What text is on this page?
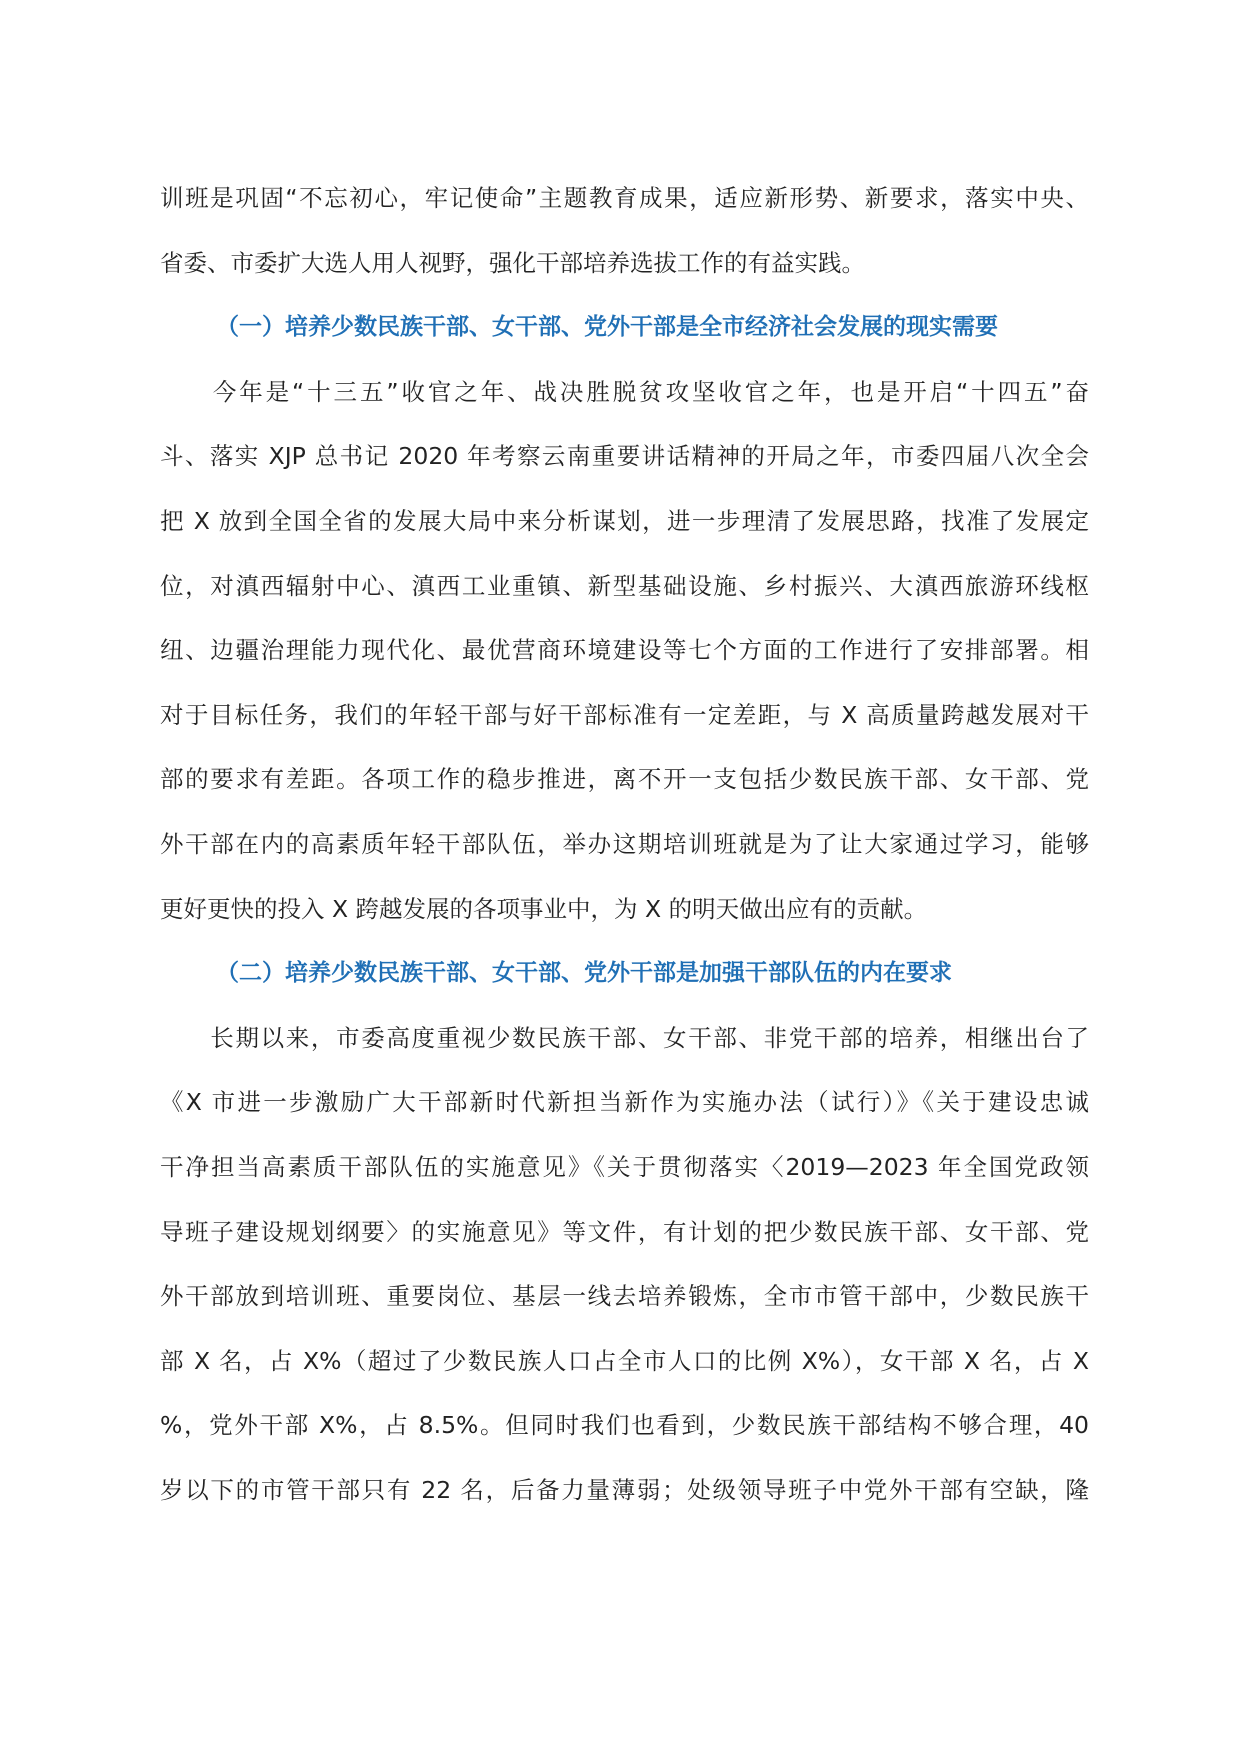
训班是巩固“不忘初心，牢记使命”主题教育成果，适应新形势、新要求，落实中央、
省委、市委扩大选人用人视野，强化干部培养选拔工作的有益实践。
（一）培养少数民族干部、女干部、党外干部是全市经济社会发展的现实需要
　　今年是“十三五”收官之年、战决胜脱贫攻坚收官之年，也是开启“十四五”奋
斗、落实 XJP 总书记 2020 年考察云南重要讲话精神的开局之年，市委四届八次全会
把 X 放到全国全省的发展大局中来分析谋划，进一步理清了发展思路，找准了发展定
位，对滇西辐射中心、滇西工业重镇、新型基础设施、乡村振兴、大滇西旅游环线枢
纽、边疆治理能力现代化、最优营商环境建设等七个方面的工作进行了安排部署。相
对于目标任务，我们的年轻干部与好干部标准有一定差距，与 X 高质量跨越发展对干
部的要求有差距。各项工作的稳步推进，离不开一支包括少数民族干部、女干部、党
外干部在内的高素质年轻干部队伍，举办这期培训班就是为了让大家通过学习，能够
更好更快的投入 X 跨越发展的各项事业中，为 X 的明天做出应有的贡献。
（二）培养少数民族干部、女干部、党外干部是加强干部队伍的内在要求
　　长期以来，市委高度重视少数民族干部、女干部、非党干部的培养，相继出台了
《X 市进一步激励广大干部新时代新担当新作为实施办法（试行）》《关于建设忠诚
干净担当高素质干部队伍的实施意见》《关于贯彻落实〈2019—2023 年全国党政领
导班子建设规划纲要〉的实施意见》等文件，有计划的把少数民族干部、女干部、党
外干部放到培训班、重要岗位、基层一线去培养锻炼，全市市管干部中，少数民族干
部 X 名，占 X%（超过了少数民族人口占全市人口的比例 X%），女干部 X 名，占 X
%，党外干部 X%，占 8.5%。但同时我们也看到，少数民族干部结构不够合理，40
岁以下的市管干部只有 22 名，后备力量薄弱；处级领导班子中党外干部有空缺，隆
